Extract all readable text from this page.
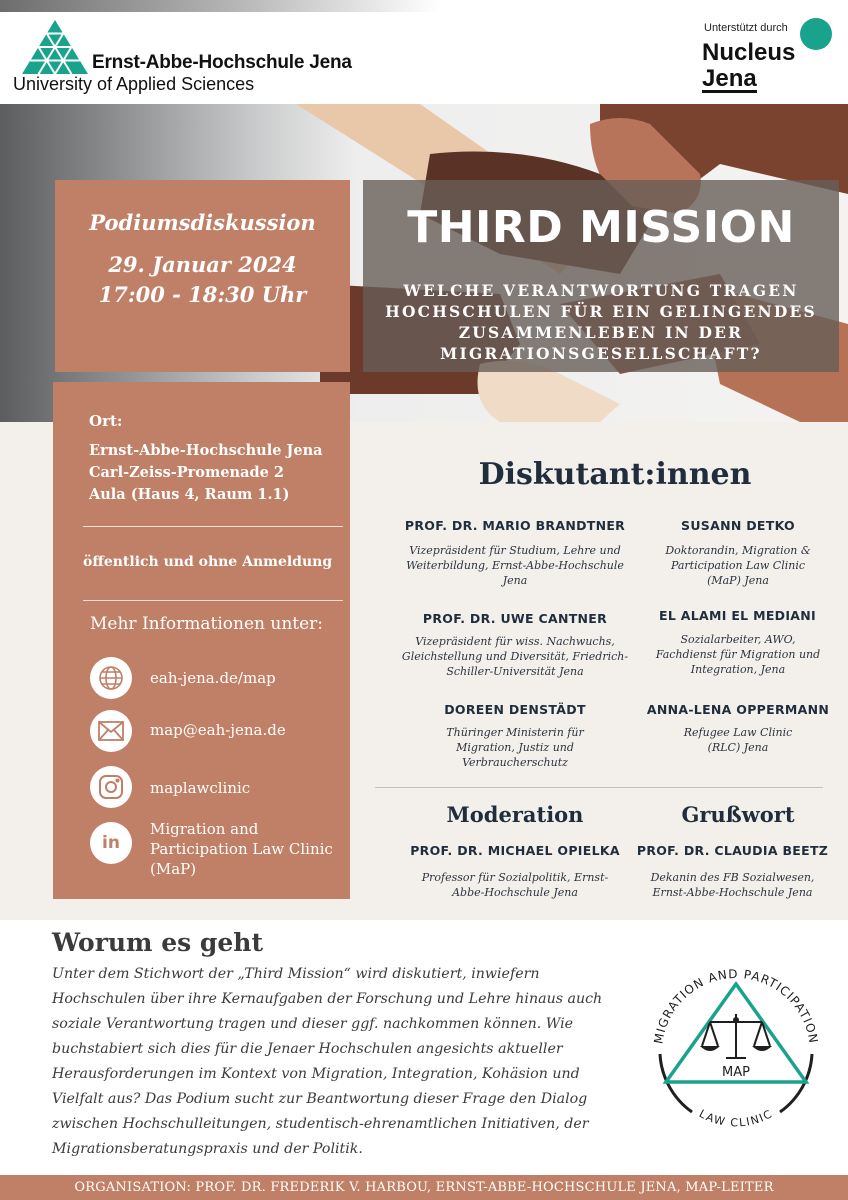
Ernst-Abbe-Hochschule Jena
University of Applied Sciences
Unterstützt durch
Nucleus
Jena
Podiumsdiskussion
29. Januar 2024
17:00 - 18:30 Uhr
THIRD MISSION
WELCHE VERANTWORTUNG TRAGEN HOCHSCHULEN FÜR EIN GELINGENDES ZUSAMMENLEBEN IN DER MIGRATIONSGESELLSCHAFT?
Ort:
Ernst-Abbe-Hochschule Jena
Carl-Zeiss-Promenade 2
Aula (Haus 4, Raum 1.1)
öffentlich und ohne Anmeldung
Mehr Informationen unter:
eah-jena.de/map
map@eah-jena.de
maplawclinic
in
Migration and Participation Law Clinic (MaP)
Diskutant:innen
PROF. DR. MARIO BRANDTNER
Vizepräsident für Studium, Lehre und Weiterbildung, Ernst-Abbe-Hochschule Jena
SUSANN DETKO
Doktorandin, Migration & Participation Law Clinic (MaP) Jena
PROF. DR. UWE CANTNER
Vizepräsident für wiss. Nachwuchs, Gleichstellung und Diversität, Friedrich-Schiller-Universität Jena
EL ALAMI EL MEDIANI
Sozialarbeiter, AWO, Fachdienst für Migration und Integration, Jena
DOREEN DENSTÄDT
Thüringer Ministerin für Migration, Justiz und Verbraucherschutz
ANNA-LENA OPPERMANN
Refugee Law Clinic (RLC) Jena
Moderation
PROF. DR. MICHAEL OPIELKA
Professor für Sozialpolitik, Ernst-Abbe-Hochschule Jena
Grußwort
PROF. DR. CLAUDIA BEETZ
Dekanin des FB Sozialwesen, Ernst-Abbe-Hochschule Jena
Worum es geht
Unter dem Stichwort der „Third Mission“ wird diskutiert, inwiefern Hochschulen über ihre Kernaufgaben der Forschung und Lehre hinaus auch soziale Verantwortung tragen und dieser ggf. nachkommen können. Wie buchstabiert sich dies für die Jenaer Hochschulen angesichts aktueller Herausforderungen im Kontext von Migration, Integration, Kohäsion und Vielfalt aus? Das Podium sucht zur Beantwortung dieser Frage den Dialog zwischen Hochschulleitungen, studentisch-ehrenamtlichen Initiativen, der Migrationsberatungspraxis und der Politik.
MIGRATION AND PARTICIPATION
LAW CLINIC
MAP
ORGANISATION: PROF. DR. FREDERIK V. HARBOU, ERNST-ABBE-HOCHSCHULE JENA, MAP-LEITER
